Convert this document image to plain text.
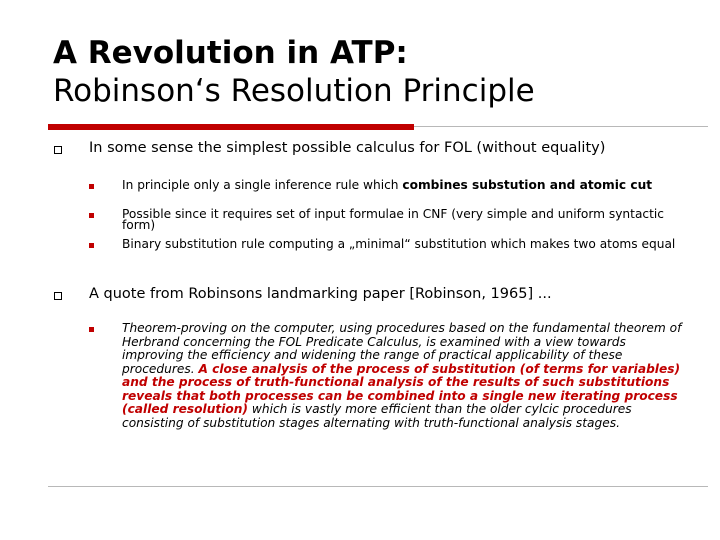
A Revolution in ATP:
Robinson‘s Resolution Principle
In some sense the simplest possible calculus for FOL (without equality)
In principle only a single inference rule which combines substution and atomic cut
Possible since it requires set of input formulae in CNF (very simple and uniform syntactic form)
Binary substitution rule computing a „minimal“ substitution which makes two atoms equal
A quote from Robinsons landmarking paper [Robinson, 1965] ...
Theorem-proving on the computer, using procedures based on the fundamental theorem of Herbrand concerning the FOL Predicate Calculus, is examined with a view towards improving the efficiency and widening the range of practical applicability of these procedures. A close analysis of the process of substitution (of terms for variables) and the process of truth-functional analysis of the results of such substitutions reveals that both processes can be combined into a single new iterating process (called resolution) which is vastly more efficient than the older cylcic procedures consisting of substitution stages alternating with truth-functional analysis stages.
